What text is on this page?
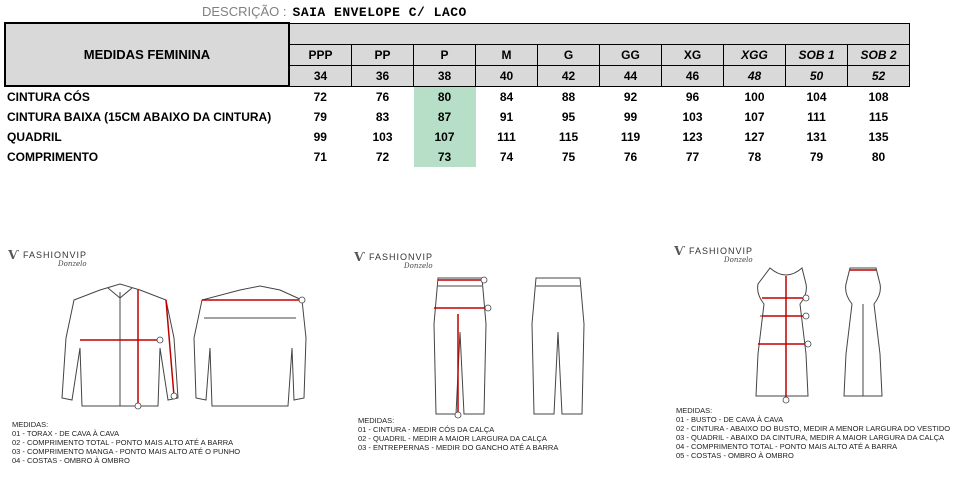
DESCRIÇÃO : SAIA ENVELOPE C/ LACO
MEDIDAS FEMININA										
	PPP	PP	P	M	G	GG	XG	XGG	SOB 1	SOB 2
	34	36	38	40	42	44	46	48	50	52
CINTURA CÓS	72	76	80	84	88	92	96	100	104	108
CINTURA BAIXA (15CM ABAIXO DA CINTURA)	79	83	87	91	95	99	103	107	111	115
QUADRIL	99	103	107	111	115	119	123	127	131	135
COMPRIMENTO	71	72	73	74	75	76	77	78	79	80
Ѵ FASHIONVIP
Donzelo
MEDIDAS:
01 - TORAX - DE CAVA À CAVA
02 - COMPRIMENTO TOTAL - PONTO MAIS ALTO ATÉ A BARRA
03 - COMPRIMENTO MANGA - PONTO MAIS ALTO ATÉ O PUNHO
04 - COSTAS - OMBRO À OMBRO
Ѵ FASHIONVIP
Donzelo
MEDIDAS:
01 - CINTURA - MEDIR CÓS DA CALÇA
02 - QUADRIL - MEDIR A MAIOR LARGURA DA CALÇA
03 - ENTREPERNAS - MEDIR DO GANCHO ATÉ A BARRA
Ѵ FASHIONVIP
Donzelo
MEDIDAS:
01 - BUSTO - DE CAVA À CAVA
02 - CINTURA - ABAIXO DO BUSTO, MEDIR A MENOR LARGURA DO VESTIDO
03 - QUADRIL - ABAIXO DA CINTURA, MEDIR A MAIOR LARGURA DA CALÇA
04 - COMPRIMENTO TOTAL - PONTO MAIS ALTO ATÉ A BARRA
05 - COSTAS - OMBRO À OMBRO
